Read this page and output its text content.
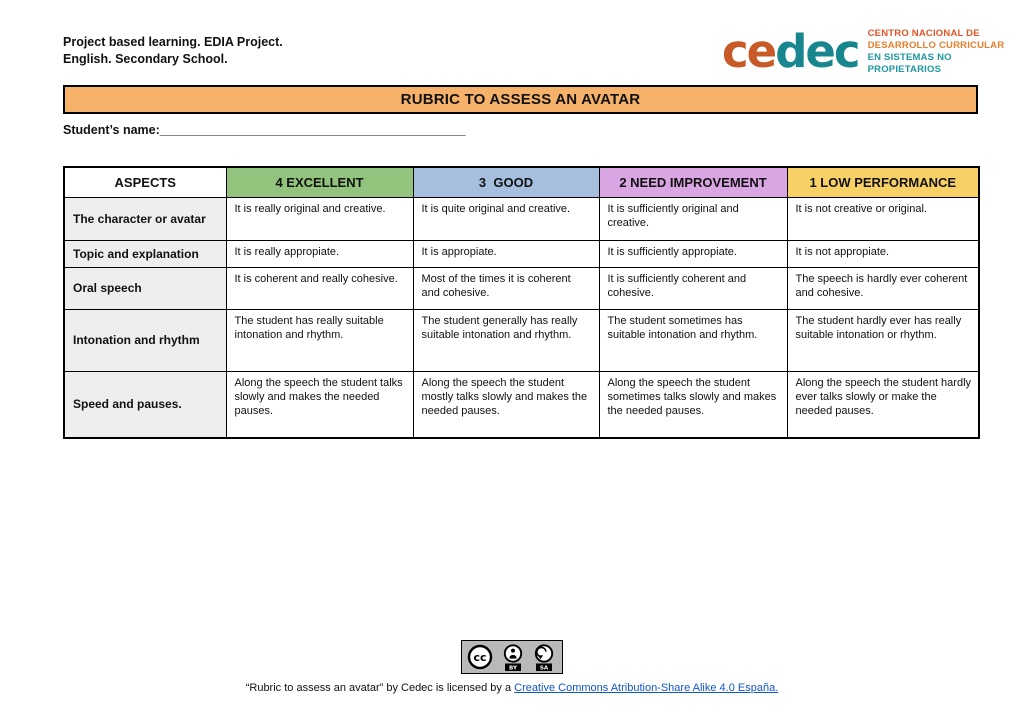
Project based learning. EDIA Project.
English. Secondary School.	cedec CENTRO NACIONAL DE
DESARROLLO CURRICULAR
EN SISTEMAS NO PROPIETARIOS
RUBRIC TO ASSESS AN AVATAR
Student’s name:____________________________________________
ASPECTS	4 EXCELLENT	3  GOOD	2 NEED IMPROVEMENT	1 LOW PERFORMANCE
The character or avatar	It is really original and creative.	It is quite original and creative.	It is sufficiently original and creative.	It is not creative or original.
Topic and explanation	It is really appropiate.	It is appropiate.	It is sufficiently appropiate.	It is not appropiate.
Oral speech	It is coherent and really cohesive.	Most of the times it is coherent and cohesive.	It is sufficiently coherent and cohesive.	The speech is hardly ever coherent and cohesive.
Intonation and rhythm	The student has really suitable intonation and rhythm.	The student generally has really suitable intonation and rhythm.	The student sometimes has suitable intonation and rhythm.	The student hardly ever has really suitable intonation or rhythm.
Speed and pauses.	Along the speech the student talks slowly and makes the needed pauses.	Along the speech the student mostly talks slowly and makes the needed pauses.	Along the speech the student sometimes talks slowly and makes the needed pauses.	Along the speech the student hardly ever talks slowly or make the needed pauses.
cc
BY	SA
“Rubric to assess an avatar” by Cedec is licensed by a Creative Commons Atribution-Share Alike 4.0 España.
